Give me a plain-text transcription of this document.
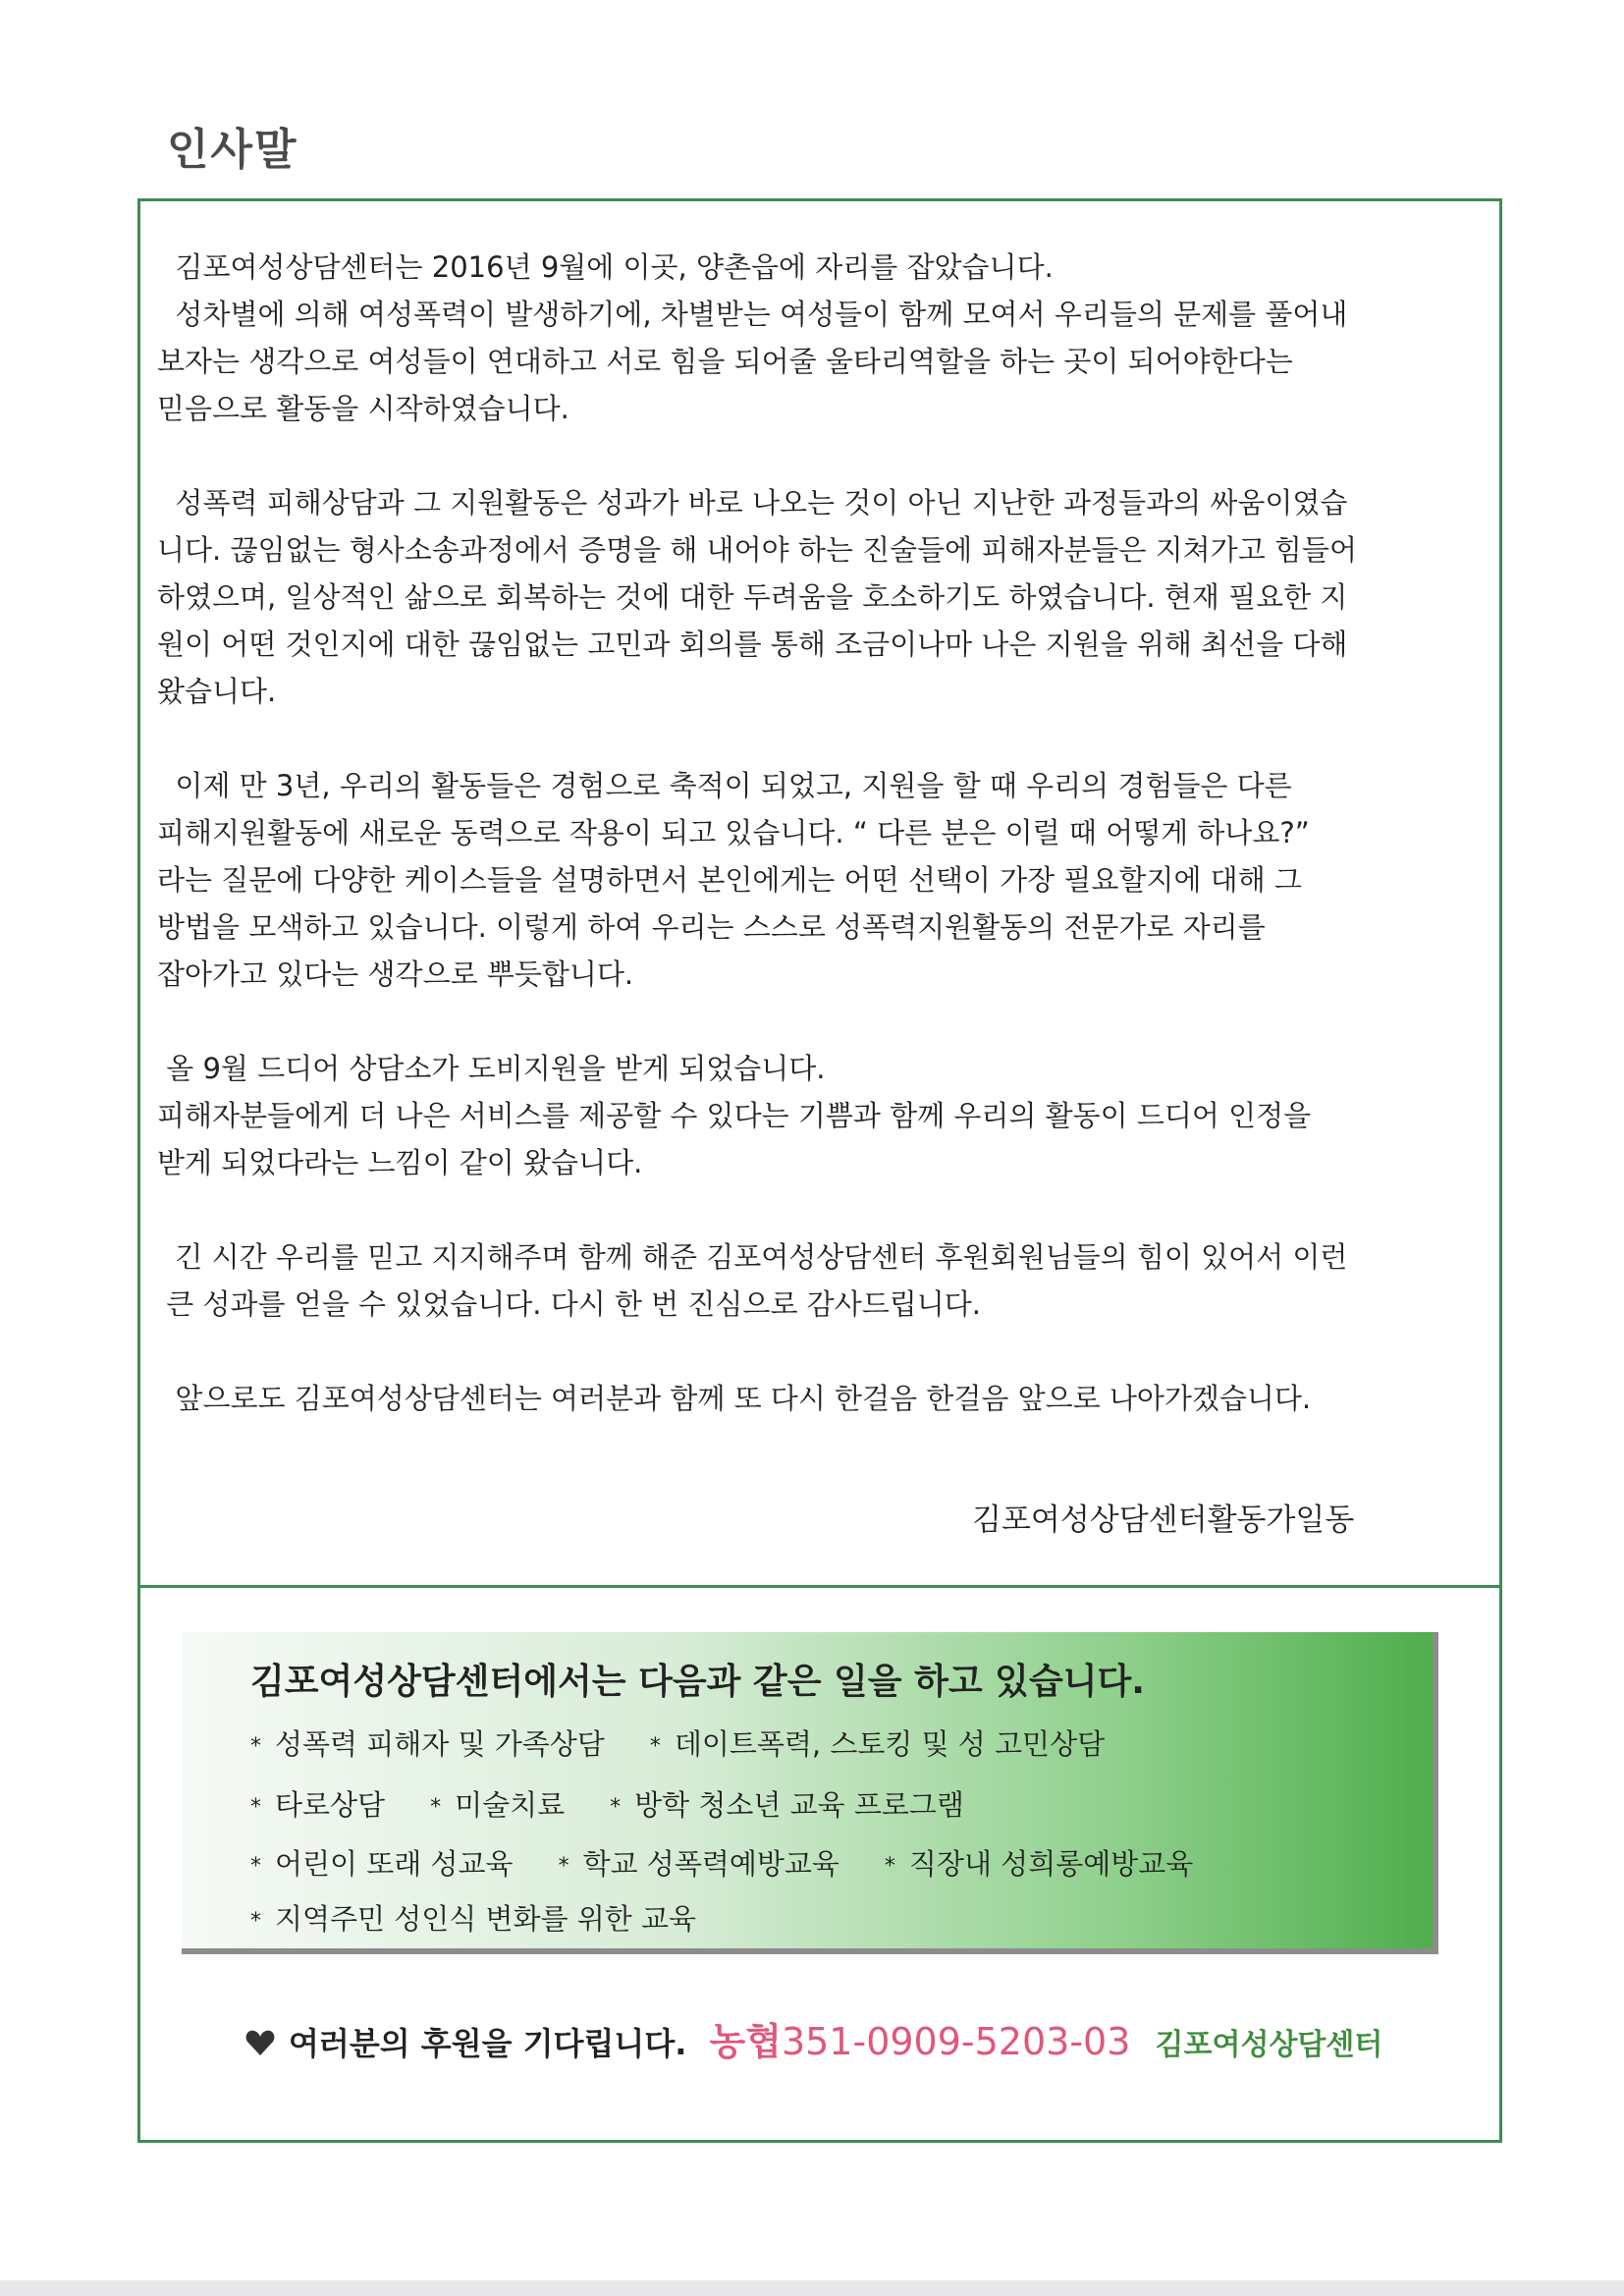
인사말
김포여성상담센터는 2016년 9월에 이곳, 양촌읍에 자리를 잡았습니다.
성차별에 의해 여성폭력이 발생하기에, 차별받는 여성들이 함께 모여서 우리들의 문제를 풀어내
보자는 생각으로 여성들이 연대하고 서로 힘을 되어줄 울타리역할을 하는 곳이 되어야한다는
믿음으로 활동을 시작하였습니다.
성폭력 피해상담과 그 지원활동은 성과가 바로 나오는 것이 아닌 지난한 과정들과의 싸움이였습
니다. 끊임없는 형사소송과정에서 증명을 해 내어야 하는 진술들에 피해자분들은 지쳐가고 힘들어
하였으며, 일상적인 삶으로 회복하는 것에 대한 두려움을 호소하기도 하였습니다. 현재 필요한 지
원이 어떤 것인지에 대한 끊임없는 고민과 회의를 통해 조금이나마 나은 지원을 위해 최선을 다해
왔습니다.
이제 만 3년, 우리의 활동들은 경험으로 축적이 되었고, 지원을 할 때 우리의 경험들은 다른
피해지원활동에 새로운 동력으로 작용이 되고 있습니다. “ 다른 분은 이럴 때 어떻게 하나요?”
라는 질문에 다양한 케이스들을 설명하면서 본인에게는 어떤 선택이 가장 필요할지에 대해 그
방법을 모색하고 있습니다. 이렇게 하여 우리는 스스로 성폭력지원활동의 전문가로 자리를
잡아가고 있다는 생각으로 뿌듯합니다.
올 9월 드디어 상담소가 도비지원을 받게 되었습니다.
피해자분들에게 더 나은 서비스를 제공할 수 있다는 기쁨과 함께 우리의 활동이 드디어 인정을
받게 되었다라는 느낌이 같이 왔습니다.
긴 시간 우리를 믿고 지지해주며 함께 해준 김포여성상담센터 후원회원님들의 힘이 있어서 이런
큰 성과를 얻을 수 있었습니다. 다시 한 번 진심으로 감사드립니다.
앞으로도 김포여성상담센터는 여러분과 함께 또 다시 한걸음 한걸음 앞으로 나아가겠습니다.
김포여성상담센터활동가일동
김포여성상담센터에서는 다음과 같은 일을 하고 있습니다.
* 성폭력 피해자 및 가족상담 * 데이트폭력, 스토킹 및 성 고민상담
* 타로상담 * 미술치료 * 방학 청소년 교육 프로그램
* 어린이 또래 성교육 * 학교 성폭력예방교육 * 직장내 성희롱예방교육
* 지역주민 성인식 변화를 위한 교육
여러분의 후원을 기다립니다. 농협351-0909-5203-03 김포여성상담센터
